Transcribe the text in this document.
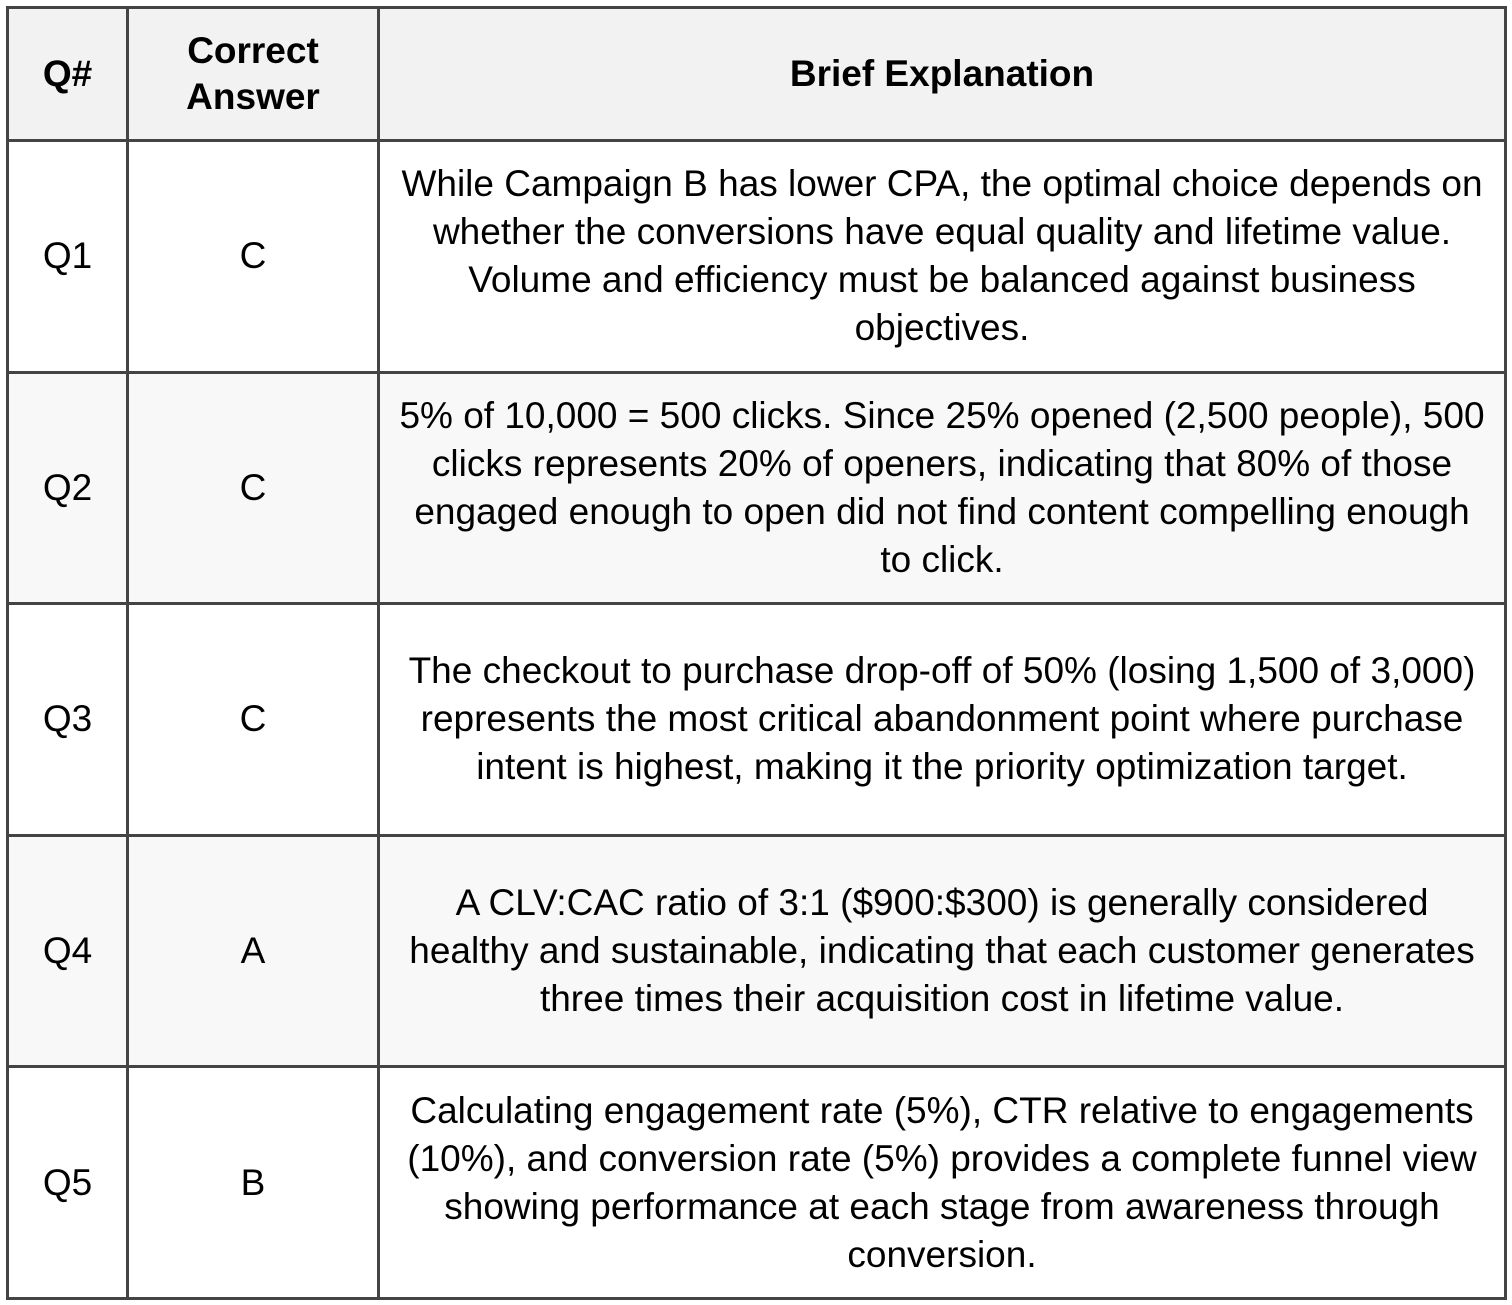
Q#	Correct Answer	Brief Explanation
Q1	C	While Campaign B has lower CPA, the optimal choice depends on whether the conversions have equal quality and lifetime value. Volume and efficiency must be balanced against business objectives.
Q2	C	5% of 10,000 = 500 clicks. Since 25% opened (2,500 people), 500 clicks represents 20% of openers, indicating that 80% of those engaged enough to open did not find content compelling enough to click.
Q3	C	The checkout to purchase drop-off of 50% (losing 1,500 of 3,000) represents the most critical abandonment point where purchase intent is highest, making it the priority optimization target.
Q4	A	A CLV:CAC ratio of 3:1 ($900:$300) is generally considered healthy and sustainable, indicating that each customer generates three times their acquisition cost in lifetime value.
Q5	B	Calculating engagement rate (5%), CTR relative to engagements (10%), and conversion rate (5%) provides a complete funnel view showing performance at each stage from awareness through conversion.
